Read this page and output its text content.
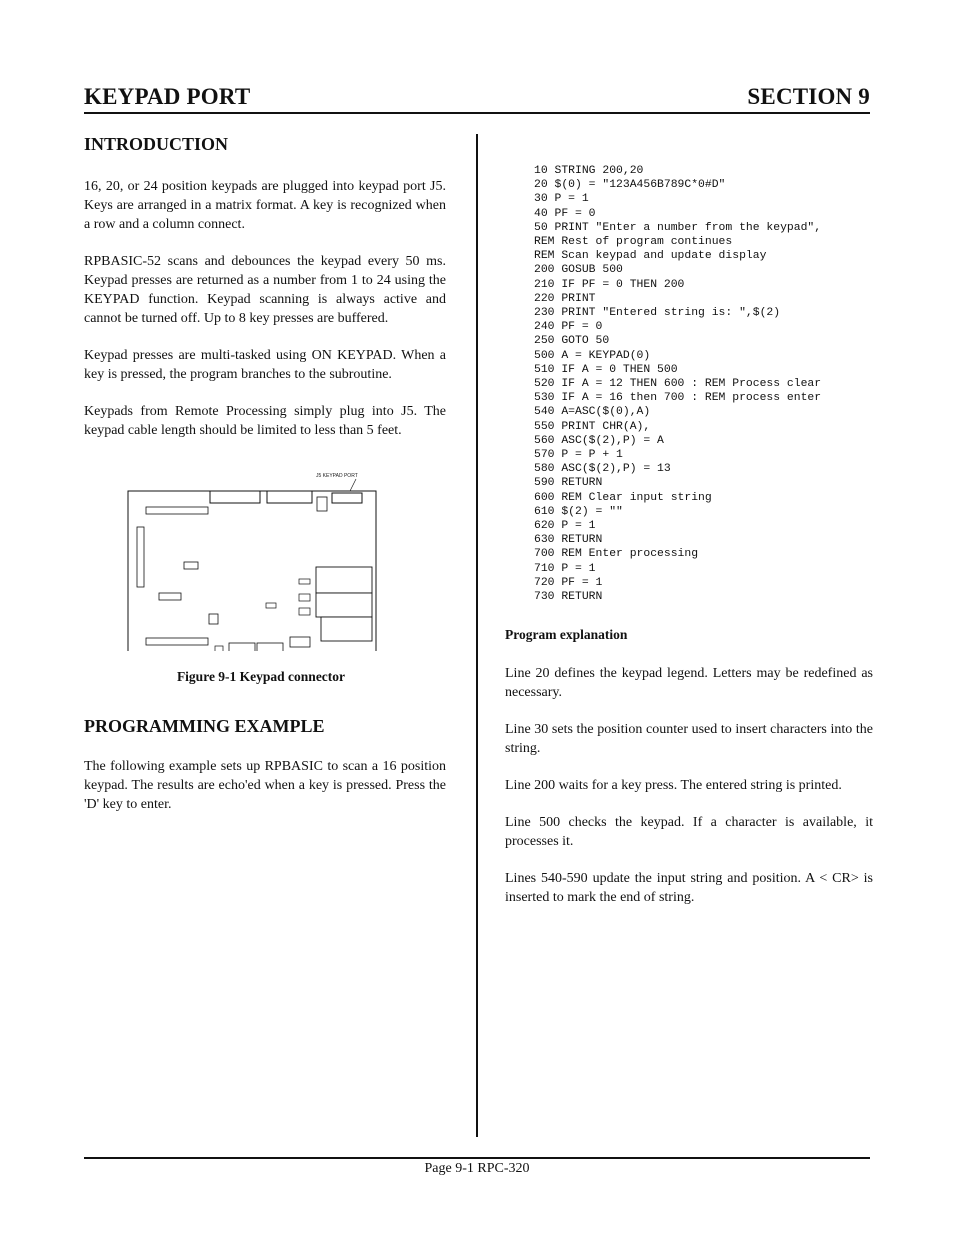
KEYPAD PORT	SECTION 9
INTRODUCTION

16, 20, or 24 position keypads are plugged into keypad port J5. Keys are arranged in a matrix format. A key is recognized when a row and a column connect.

RPBASIC-52 scans and debounces the keypad every 50 ms. Keypad presses are returned as a number from 1 to 24 using the KEYPAD function. Keypad scanning is always active and cannot be turned off. Up to 8 key presses are buffered.

Keypad presses are multi-tasked using ON KEYPAD. When a key is pressed, the program branches to the subroutine.

Keypads from Remote Processing simply plug into J5. The keypad cable length should be limited to less than 5 feet.

J5 KEYPAD PORT
Figure 9-1 Keypad connector
PROGRAMMING EXAMPLE

The following example sets up RPBASIC to scan a 16 position keypad. The results are echo'ed when a key is pressed. Press the 'D' key to enter.

10 STRING 200,20
20 $(0) = "123A456B789C*0#D"
30 P = 1
40 PF = 0
50 PRINT "Enter a number from the keypad",
REM Rest of program continues
REM Scan keypad and update display
200 GOSUB 500
210 IF PF = 0 THEN 200
220 PRINT
230 PRINT "Entered string is: ",$(2)
240 PF = 0
250 GOTO 50
500 A = KEYPAD(0)
510 IF A = 0 THEN 500
520 IF A = 12 THEN 600 : REM Process clear
530 IF A = 16 then 700 : REM process enter
540 A=ASC($(0),A)
550 PRINT CHR(A),
560 ASC($(2),P) = A
570 P = P + 1
580 ASC($(2),P) = 13
590 RETURN
600 REM Clear input string
610 $(2) = ""
620 P = 1
630 RETURN
700 REM Enter processing
710 P = 1
720 PF = 1
730 RETURN

Program explanation

Line 20 defines the keypad legend. Letters may be redefined as necessary.

Line 30 sets the position counter used to insert characters into the string.

Line 200 waits for a key press. The entered string is printed.

Line 500 checks the keypad. If a character is available, it processes it.

Lines 540-590 update the input string and position. A < CR> is inserted to mark the end of string.

Page 9-1 RPC-320
